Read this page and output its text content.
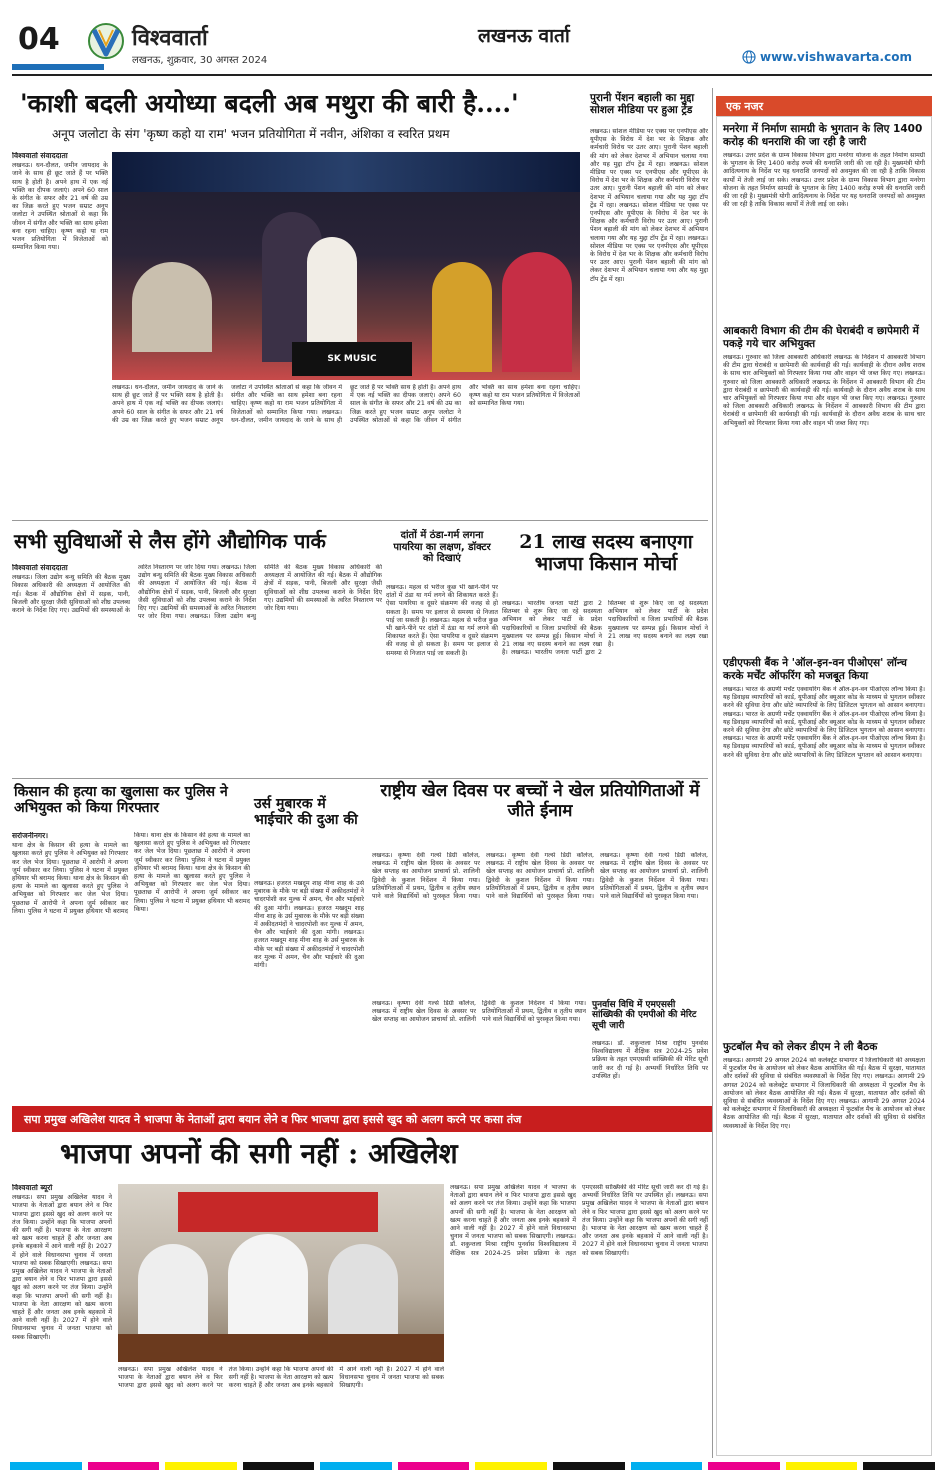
04	विश्ववार्ता
लखनऊ, शुक्रवार, 30 अगस्त 2024
लखनऊ वार्ता
www.vishwavarta.com
'काशी बदली अयोध्या बदली अब मथुरा की बारी है....'
अनूप जलोटा के संग 'कृष्ण कहो या राम' भजन प्रतियोगिता में नवीन, अंशिका व स्वरित प्रथम
विश्ववार्ता संवाददाता
लखनऊ। धन-दौलत, जमीन जायदाद के जाने के साथ ही छूट जाते हैं पर भक्ति साथ है होती है। अपने हाथ में एक नई भक्ति का दीपक जलाएं। अपने 60 साल के संगीत के सफर और 21 वर्ष की उम्र का जिक्र करते हुए भजन सम्राट अनूप जलोटा ने उपस्थित श्रोताओं से कहा कि जीवन में संगीत और भक्ति का साथ हमेशा बना रहना चाहिए। कृष्ण कहो या राम भजन प्रतियोगिता में विजेताओं को सम्मानित किया गया।
SK MUSIC
लखनऊ। धन-दौलत, जमीन जायदाद के जाने के साथ ही छूट जाते हैं पर भक्ति साथ है होती है। अपने हाथ में एक नई भक्ति का दीपक जलाएं। अपने 60 साल के संगीत के सफर और 21 वर्ष की उम्र का जिक्र करते हुए भजन सम्राट अनूप जलोटा ने उपस्थित श्रोताओं से कहा कि जीवन में संगीत और भक्ति का साथ हमेशा बना रहना चाहिए। कृष्ण कहो या राम भजन प्रतियोगिता में विजेताओं को सम्मानित किया गया। लखनऊ। धन-दौलत, जमीन जायदाद के जाने के साथ ही छूट जाते हैं पर भक्ति साथ है होती है। अपने हाथ में एक नई भक्ति का दीपक जलाएं। अपने 60 साल के संगीत के सफर और 21 वर्ष की उम्र का जिक्र करते हुए भजन सम्राट अनूप जलोटा ने उपस्थित श्रोताओं से कहा कि जीवन में संगीत और भक्ति का साथ हमेशा बना रहना चाहिए। कृष्ण कहो या राम भजन प्रतियोगिता में विजेताओं को सम्मानित किया गया।
पुरानी पेंशन बहाली का मुद्दा सोशल मीडिया पर हुआ ट्रेंड
लखनऊ। सोशल मीडिया पर एक्स पर एनपीएस और यूपीएस के विरोध में देश भर के शिक्षक और कर्मचारी विरोध पर उतर आए। पुरानी पेंशन बहाली की मांग को लेकर देशभर में अभियान चलाया गया और यह मुद्दा टॉप ट्रेंड में रहा। लखनऊ। सोशल मीडिया पर एक्स पर एनपीएस और यूपीएस के विरोध में देश भर के शिक्षक और कर्मचारी विरोध पर उतर आए। पुरानी पेंशन बहाली की मांग को लेकर देशभर में अभियान चलाया गया और यह मुद्दा टॉप ट्रेंड में रहा। लखनऊ। सोशल मीडिया पर एक्स पर एनपीएस और यूपीएस के विरोध में देश भर के शिक्षक और कर्मचारी विरोध पर उतर आए। पुरानी पेंशन बहाली की मांग को लेकर देशभर में अभियान चलाया गया और यह मुद्दा टॉप ट्रेंड में रहा। लखनऊ। सोशल मीडिया पर एक्स पर एनपीएस और यूपीएस के विरोध में देश भर के शिक्षक और कर्मचारी विरोध पर उतर आए। पुरानी पेंशन बहाली की मांग को लेकर देशभर में अभियान चलाया गया और यह मुद्दा टॉप ट्रेंड में रहा।
सभी सुविधाओं से लैस होंगे औद्योगिक पार्क
विश्ववार्ता संवाददाता
लखनऊ। जिला उद्योग बन्धु समिति की बैठक मुख्य विकास अधिकारी की अध्यक्षता में आयोजित की गई। बैठक में औद्योगिक क्षेत्रों में सड़क, पानी, बिजली और सुरक्षा जैसी सुविधाओं को शीघ्र उपलब्ध कराने के निर्देश दिए गए। उद्यमियों की समस्याओं के त्वरित निस्तारण पर जोर दिया गया। लखनऊ। जिला उद्योग बन्धु समिति की बैठक मुख्य विकास अधिकारी की अध्यक्षता में आयोजित की गई। बैठक में औद्योगिक क्षेत्रों में सड़क, पानी, बिजली और सुरक्षा जैसी सुविधाओं को शीघ्र उपलब्ध कराने के निर्देश दिए गए। उद्यमियों की समस्याओं के त्वरित निस्तारण पर जोर दिया गया। लखनऊ। जिला उद्योग बन्धु समिति की बैठक मुख्य विकास अधिकारी की अध्यक्षता में आयोजित की गई। बैठक में औद्योगिक क्षेत्रों में सड़क, पानी, बिजली और सुरक्षा जैसी सुविधाओं को शीघ्र उपलब्ध कराने के निर्देश दिए गए। उद्यमियों की समस्याओं के त्वरित निस्तारण पर जोर दिया गया।
दांतों में ठंडा-गर्म लगना पायरिया का लक्षण, डॉक्टर को दिखाएं
लखनऊ। महत्व से भरीज कुछ भी खाने-पीने पर दांतों में ठंडा या गर्म लगने की शिकायत करते हैं। ऐसा पायरिया व दूसरे संक्रमण की वजह से हो सकता है। समय पर इलाज से समस्या से निजात पाई जा सकती है। लखनऊ। महत्व से भरीज कुछ भी खाने-पीने पर दांतों में ठंडा या गर्म लगने की शिकायत करते हैं। ऐसा पायरिया व दूसरे संक्रमण की वजह से हो सकता है। समय पर इलाज से समस्या से निजात पाई जा सकती है।
21 लाख सदस्य बनाएगा भाजपा किसान मोर्चा
लखनऊ। भारतीय जनता पार्टी द्वारा 2 सितम्बर से शुरू किए जा रहे सदस्यता अभियान को लेकर पार्टी के प्रदेश पदाधिकारियों व जिला प्रभारियों की बैठक मुख्यालय पर सम्पन्न हुई। किसान मोर्चा ने 21 लाख नए सदस्य बनाने का लक्ष्य रखा है। लखनऊ। भारतीय जनता पार्टी द्वारा 2 सितम्बर से शुरू किए जा रहे सदस्यता अभियान को लेकर पार्टी के प्रदेश पदाधिकारियों व जिला प्रभारियों की बैठक मुख्यालय पर सम्पन्न हुई। किसान मोर्चा ने 21 लाख नए सदस्य बनाने का लक्ष्य रखा है।
किसान की हत्या का खुलासा कर पुलिस ने अभियुक्त को किया गिरफ्तार
सरोजनीनगर।
थाना क्षेत्र के किसान की हत्या के मामले का खुलासा करते हुए पुलिस ने अभियुक्त को गिरफ्तार कर जेल भेज दिया। पूछताछ में आरोपी ने अपना जुर्म स्वीकार कर लिया। पुलिस ने घटना में प्रयुक्त हथियार भी बरामद किया। थाना क्षेत्र के किसान की हत्या के मामले का खुलासा करते हुए पुलिस ने अभियुक्त को गिरफ्तार कर जेल भेज दिया। पूछताछ में आरोपी ने अपना जुर्म स्वीकार कर लिया। पुलिस ने घटना में प्रयुक्त हथियार भी बरामद किया। थाना क्षेत्र के किसान की हत्या के मामले का खुलासा करते हुए पुलिस ने अभियुक्त को गिरफ्तार कर जेल भेज दिया। पूछताछ में आरोपी ने अपना जुर्म स्वीकार कर लिया। पुलिस ने घटना में प्रयुक्त हथियार भी बरामद किया। थाना क्षेत्र के किसान की हत्या के मामले का खुलासा करते हुए पुलिस ने अभियुक्त को गिरफ्तार कर जेल भेज दिया। पूछताछ में आरोपी ने अपना जुर्म स्वीकार कर लिया। पुलिस ने घटना में प्रयुक्त हथियार भी बरामद किया।
उर्स मुबारक में भाईचारे की दुआ की
लखनऊ। हजरत मखदूम शाह मीना शाह के उर्स मुबारक के मौके पर बड़ी संख्या में अकीदतमंदों ने चादरपोशी कर मुल्क में अमन, चैन और भाईचारे की दुआ मांगी। लखनऊ। हजरत मखदूम शाह मीना शाह के उर्स मुबारक के मौके पर बड़ी संख्या में अकीदतमंदों ने चादरपोशी कर मुल्क में अमन, चैन और भाईचारे की दुआ मांगी। लखनऊ। हजरत मखदूम शाह मीना शाह के उर्स मुबारक के मौके पर बड़ी संख्या में अकीदतमंदों ने चादरपोशी कर मुल्क में अमन, चैन और भाईचारे की दुआ मांगी।
राष्ट्रीय खेल दिवस पर बच्चों ने खेल प्रतियोगिताओं में जीते ईनाम
लखनऊ। कृष्णा देवी गर्ल्स डिग्री कॉलेज, लखनऊ में राष्ट्रीय खेल दिवस के अवसर पर खेल सप्ताह का आयोजन प्राचार्या प्रो. शालिनी द्विवेदी के कुशल निर्देशन में किया गया। प्रतियोगिताओं में प्रथम, द्वितीय व तृतीय स्थान पाने वाले विद्यार्थियों को पुरस्कृत किया गया। लखनऊ। कृष्णा देवी गर्ल्स डिग्री कॉलेज, लखनऊ में राष्ट्रीय खेल दिवस के अवसर पर खेल सप्ताह का आयोजन प्राचार्या प्रो. शालिनी द्विवेदी के कुशल निर्देशन में किया गया। प्रतियोगिताओं में प्रथम, द्वितीय व तृतीय स्थान पाने वाले विद्यार्थियों को पुरस्कृत किया गया। लखनऊ। कृष्णा देवी गर्ल्स डिग्री कॉलेज, लखनऊ में राष्ट्रीय खेल दिवस के अवसर पर खेल सप्ताह का आयोजन प्राचार्या प्रो. शालिनी द्विवेदी के कुशल निर्देशन में किया गया। प्रतियोगिताओं में प्रथम, द्वितीय व तृतीय स्थान पाने वाले विद्यार्थियों को पुरस्कृत किया गया।
पुनर्वास विधि में एमएससी सांख्यिकी की एमपीओ की मेरिट सूची जारी
लखनऊ। कृष्णा देवी गर्ल्स डिग्री कॉलेज, लखनऊ में राष्ट्रीय खेल दिवस के अवसर पर खेल सप्ताह का आयोजन प्राचार्या प्रो. शालिनी द्विवेदी के कुशल निर्देशन में किया गया। प्रतियोगिताओं में प्रथम, द्वितीय व तृतीय स्थान पाने वाले विद्यार्थियों को पुरस्कृत किया गया।
सपा प्रमुख अखिलेश यादव ने भाजपा के नेताओं द्वारा बयान लेने व फिर भाजपा द्वारा इससे खुद को अलग करने पर कसा तंज
भाजपा अपनों की सगी नहीं : अखिलेश
विश्ववार्ता ब्यूरो
लखनऊ। सपा प्रमुख अखिलेश यादव ने भाजपा के नेताओं द्वारा बयान लेने व फिर भाजपा द्वारा इससे खुद को अलग करने पर तंज किया। उन्होंने कहा कि भाजपा अपनों की सगी नहीं है। भाजपा के नेता आरक्षण को खत्म करना चाहते हैं और जनता अब इनके बहकावे में आने वाली नहीं है। 2027 में होने वाले विधानसभा चुनाव में जनता भाजपा को सबक सिखाएगी। लखनऊ। सपा प्रमुख अखिलेश यादव ने भाजपा के नेताओं द्वारा बयान लेने व फिर भाजपा द्वारा इससे खुद को अलग करने पर तंज किया। उन्होंने कहा कि भाजपा अपनों की सगी नहीं है। भाजपा के नेता आरक्षण को खत्म करना चाहते हैं और जनता अब इनके बहकावे में आने वाली नहीं है। 2027 में होने वाले विधानसभा चुनाव में जनता भाजपा को सबक सिखाएगी।
लखनऊ। सपा प्रमुख अखिलेश यादव ने भाजपा के नेताओं द्वारा बयान लेने व फिर भाजपा द्वारा इससे खुद को अलग करने पर तंज किया। उन्होंने कहा कि भाजपा अपनों की सगी नहीं है। भाजपा के नेता आरक्षण को खत्म करना चाहते हैं और जनता अब इनके बहकावे में आने वाली नहीं है। 2027 में होने वाले विधानसभा चुनाव में जनता भाजपा को सबक सिखाएगी।
लखनऊ। डॉ. शकुन्तला मिश्रा राष्ट्रीय पुनर्वास विश्वविद्यालय में शैक्षिक सत्र 2024-25 प्रवेश प्रक्रिया के तहत एमएससी सांख्यिकी की मेरिट सूची जारी कर दी गई है। अभ्यर्थी निर्धारित तिथि पर उपस्थित हों।
लखनऊ। सपा प्रमुख अखिलेश यादव ने भाजपा के नेताओं द्वारा बयान लेने व फिर भाजपा द्वारा इससे खुद को अलग करने पर तंज किया। उन्होंने कहा कि भाजपा अपनों की सगी नहीं है। भाजपा के नेता आरक्षण को खत्म करना चाहते हैं और जनता अब इनके बहकावे में आने वाली नहीं है। 2027 में होने वाले विधानसभा चुनाव में जनता भाजपा को सबक सिखाएगी। लखनऊ। डॉ. शकुन्तला मिश्रा राष्ट्रीय पुनर्वास विश्वविद्यालय में शैक्षिक सत्र 2024-25 प्रवेश प्रक्रिया के तहत एमएससी सांख्यिकी की मेरिट सूची जारी कर दी गई है। अभ्यर्थी निर्धारित तिथि पर उपस्थित हों। लखनऊ। सपा प्रमुख अखिलेश यादव ने भाजपा के नेताओं द्वारा बयान लेने व फिर भाजपा द्वारा इससे खुद को अलग करने पर तंज किया। उन्होंने कहा कि भाजपा अपनों की सगी नहीं है। भाजपा के नेता आरक्षण को खत्म करना चाहते हैं और जनता अब इनके बहकावे में आने वाली नहीं है। 2027 में होने वाले विधानसभा चुनाव में जनता भाजपा को सबक सिखाएगी।
एक नजर
मनरेगा में निर्माण सामग्री के भुगतान के लिए 1400 करोड़ की धनराशि की जा रही है जारी
लखनऊ। उत्तर प्रदेश के ग्राम्य विकास विभाग द्वारा मनरेगा योजना के तहत निर्माण सामग्री के भुगतान के लिए 1400 करोड़ रुपये की धनराशि जारी की जा रही है। मुख्यमंत्री योगी आदित्यनाथ के निर्देश पर यह धनराशि जनपदों को अवमुक्त की जा रही है ताकि विकास कार्यों में तेजी लाई जा सके। लखनऊ। उत्तर प्रदेश के ग्राम्य विकास विभाग द्वारा मनरेगा योजना के तहत निर्माण सामग्री के भुगतान के लिए 1400 करोड़ रुपये की धनराशि जारी की जा रही है। मुख्यमंत्री योगी आदित्यनाथ के निर्देश पर यह धनराशि जनपदों को अवमुक्त की जा रही है ताकि विकास कार्यों में तेजी लाई जा सके।
आबकारी विभाग की टीम की घेराबंदी व छापेमारी में पकड़े गये चार अभियुक्त
लखनऊ। गुरुवार को जिला आबकारी अधिकारी लखनऊ के निर्देशन में आबकारी विभाग की टीम द्वारा घेराबंदी व छापेमारी की कार्यवाही की गई। कार्यवाही के दौरान अवैध शराब के साथ चार अभियुक्तों को गिरफ्तार किया गया और वाहन भी जब्त किए गए। लखनऊ। गुरुवार को जिला आबकारी अधिकारी लखनऊ के निर्देशन में आबकारी विभाग की टीम द्वारा घेराबंदी व छापेमारी की कार्यवाही की गई। कार्यवाही के दौरान अवैध शराब के साथ चार अभियुक्तों को गिरफ्तार किया गया और वाहन भी जब्त किए गए। लखनऊ। गुरुवार को जिला आबकारी अधिकारी लखनऊ के निर्देशन में आबकारी विभाग की टीम द्वारा घेराबंदी व छापेमारी की कार्यवाही की गई। कार्यवाही के दौरान अवैध शराब के साथ चार अभियुक्तों को गिरफ्तार किया गया और वाहन भी जब्त किए गए।
एडीएफसी बैंक ने 'ऑल-इन-वन पीओएस' लॉन्च करके मर्चेंट ऑफरिंग को मजबूत किया
लखनऊ। भारत के अग्रणी मर्चेंट एक्वायरिंग बैंक ने ऑल-इन-वन पीओएस लॉन्च किया है। यह डिवाइस व्यापारियों को कार्ड, यूपीआई और क्यूआर कोड के माध्यम से भुगतान स्वीकार करने की सुविधा देगा और छोटे व्यापारियों के लिए डिजिटल भुगतान को आसान बनाएगा। लखनऊ। भारत के अग्रणी मर्चेंट एक्वायरिंग बैंक ने ऑल-इन-वन पीओएस लॉन्च किया है। यह डिवाइस व्यापारियों को कार्ड, यूपीआई और क्यूआर कोड के माध्यम से भुगतान स्वीकार करने की सुविधा देगा और छोटे व्यापारियों के लिए डिजिटल भुगतान को आसान बनाएगा। लखनऊ। भारत के अग्रणी मर्चेंट एक्वायरिंग बैंक ने ऑल-इन-वन पीओएस लॉन्च किया है। यह डिवाइस व्यापारियों को कार्ड, यूपीआई और क्यूआर कोड के माध्यम से भुगतान स्वीकार करने की सुविधा देगा और छोटे व्यापारियों के लिए डिजिटल भुगतान को आसान बनाएगा।
फुटबॉल मैच को लेकर डीएम ने ली बैठक
लखनऊ। आगामी 29 अगस्त 2024 को कलेक्ट्रेट सभागार में जिलाधिकारी की अध्यक्षता में फुटबॉल मैच के आयोजन को लेकर बैठक आयोजित की गई। बैठक में सुरक्षा, यातायात और दर्शकों की सुविधा से संबंधित व्यवस्थाओं के निर्देश दिए गए। लखनऊ। आगामी 29 अगस्त 2024 को कलेक्ट्रेट सभागार में जिलाधिकारी की अध्यक्षता में फुटबॉल मैच के आयोजन को लेकर बैठक आयोजित की गई। बैठक में सुरक्षा, यातायात और दर्शकों की सुविधा से संबंधित व्यवस्थाओं के निर्देश दिए गए। लखनऊ। आगामी 29 अगस्त 2024 को कलेक्ट्रेट सभागार में जिलाधिकारी की अध्यक्षता में फुटबॉल मैच के आयोजन को लेकर बैठक आयोजित की गई। बैठक में सुरक्षा, यातायात और दर्शकों की सुविधा से संबंधित व्यवस्थाओं के निर्देश दिए गए।
